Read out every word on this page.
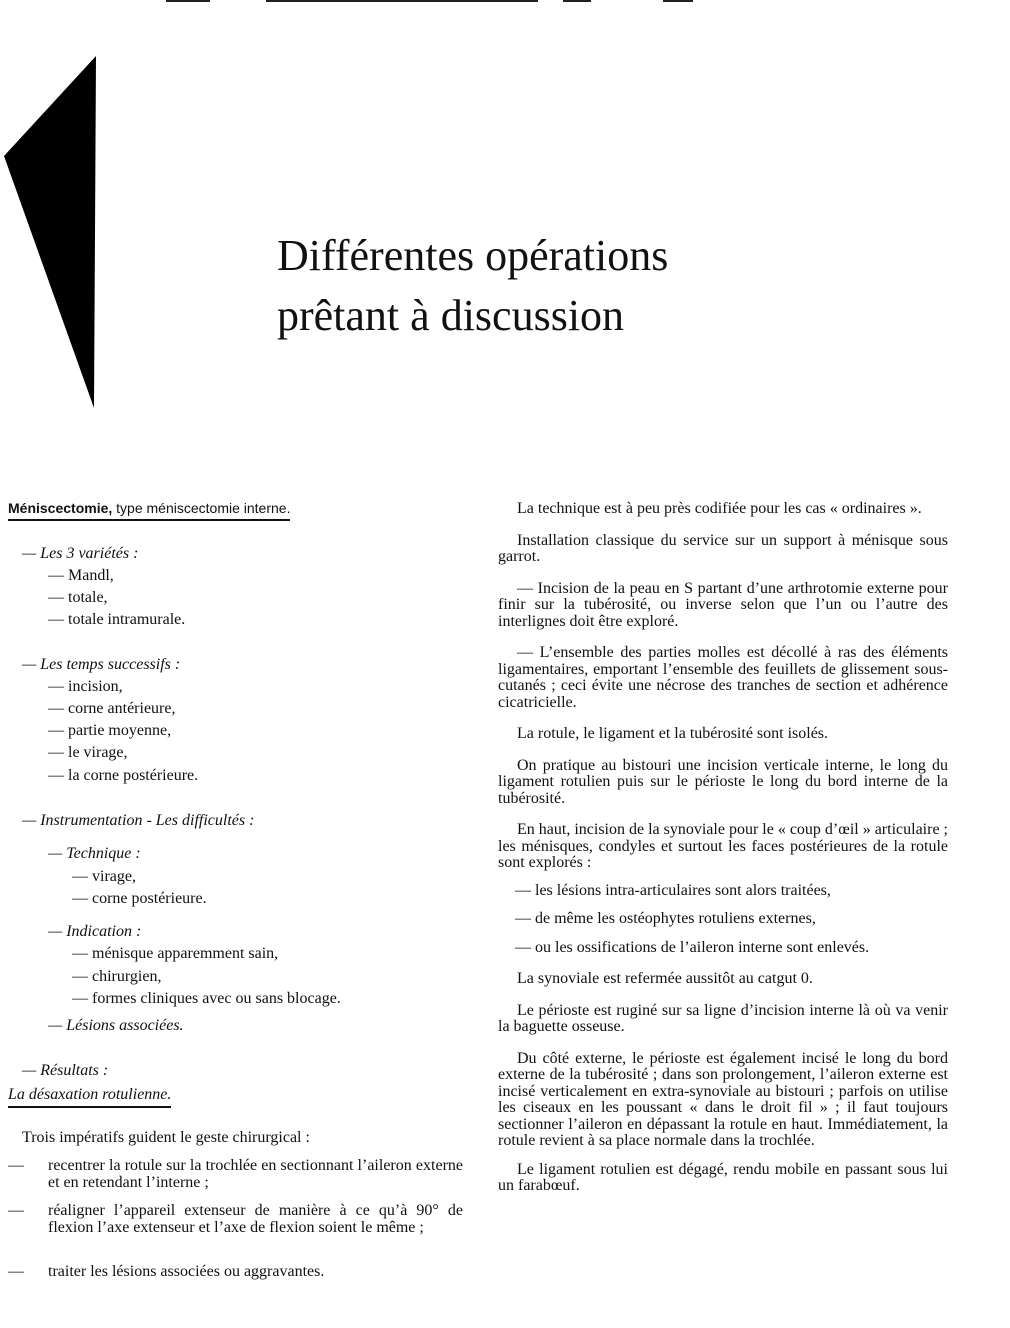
Différentes opérations
prêtant à discussion
Méniscectomie, type méniscectomie interne.
— Les 3 variétés :
— Mandl,
— totale,
— totale intramurale.
— Les temps successifs :
— incision,
— corne antérieure,
— partie moyenne,
— le virage,
— la corne postérieure.
— Instrumentation - Les difficultés :
— Technique :
— virage,
— corne postérieure.
— Indication :
— ménisque apparemment sain,
— chirurgien,
— formes cliniques avec ou sans blocage.
— Lésions associées.
— Résultats :
La désaxation rotulienne.
Trois impératifs guident le geste chirurgical :
— recentrer la rotule sur la trochlée en sectionnant l’aileron externe et en retendant l’interne ;
— réaligner l’appareil extenseur de manière à ce qu’à 90° de flexion l’axe extenseur et l’axe de flexion soient le même ;
— traiter les lésions associées ou aggravantes.

La technique est à peu près codifiée pour les cas « ordinaires ».

Installation classique du service sur un support à ménisque sous garrot.

— Incision de la peau en S partant d’une arthrotomie externe pour finir sur la tubérosité, ou inverse selon que l’un ou l’autre des interlignes doit être exploré.

— L’ensemble des parties molles est décollé à ras des éléments ligamentaires, emportant l’ensemble des feuillets de glissement sous-cutanés ; ceci évite une nécrose des tranches de section et adhérence cicatricielle.

La rotule, le ligament et la tubérosité sont isolés.

On pratique au bistouri une incision verticale interne, le long du ligament rotulien puis sur le périoste le long du bord interne de la tubérosité.

En haut, incision de la synoviale pour le « coup d’œil » articulaire ; les ménisques, condyles et surtout les faces postérieures de la rotule sont explorés :

— les lésions intra-articulaires sont alors traitées,

— de même les ostéophytes rotuliens externes,

— ou les ossifications de l’aileron interne sont enlevés.

La synoviale est refermée aussitôt au catgut 0.

Le périoste est ruginé sur sa ligne d’incision interne là où va venir la baguette osseuse.

Du côté externe, le périoste est également incisé le long du bord externe de la tubérosité ; dans son prolongement, l’aileron externe est incisé verticalement en extra-synoviale au bistouri ; parfois on utilise les ciseaux en les poussant « dans le droit fil » ; il faut toujours sectionner l’aileron en dépassant la rotule en haut. Immédiatement, la rotule revient à sa place normale dans la trochlée.

Le ligament rotulien est dégagé, rendu mobile en passant sous lui un farabœuf.
